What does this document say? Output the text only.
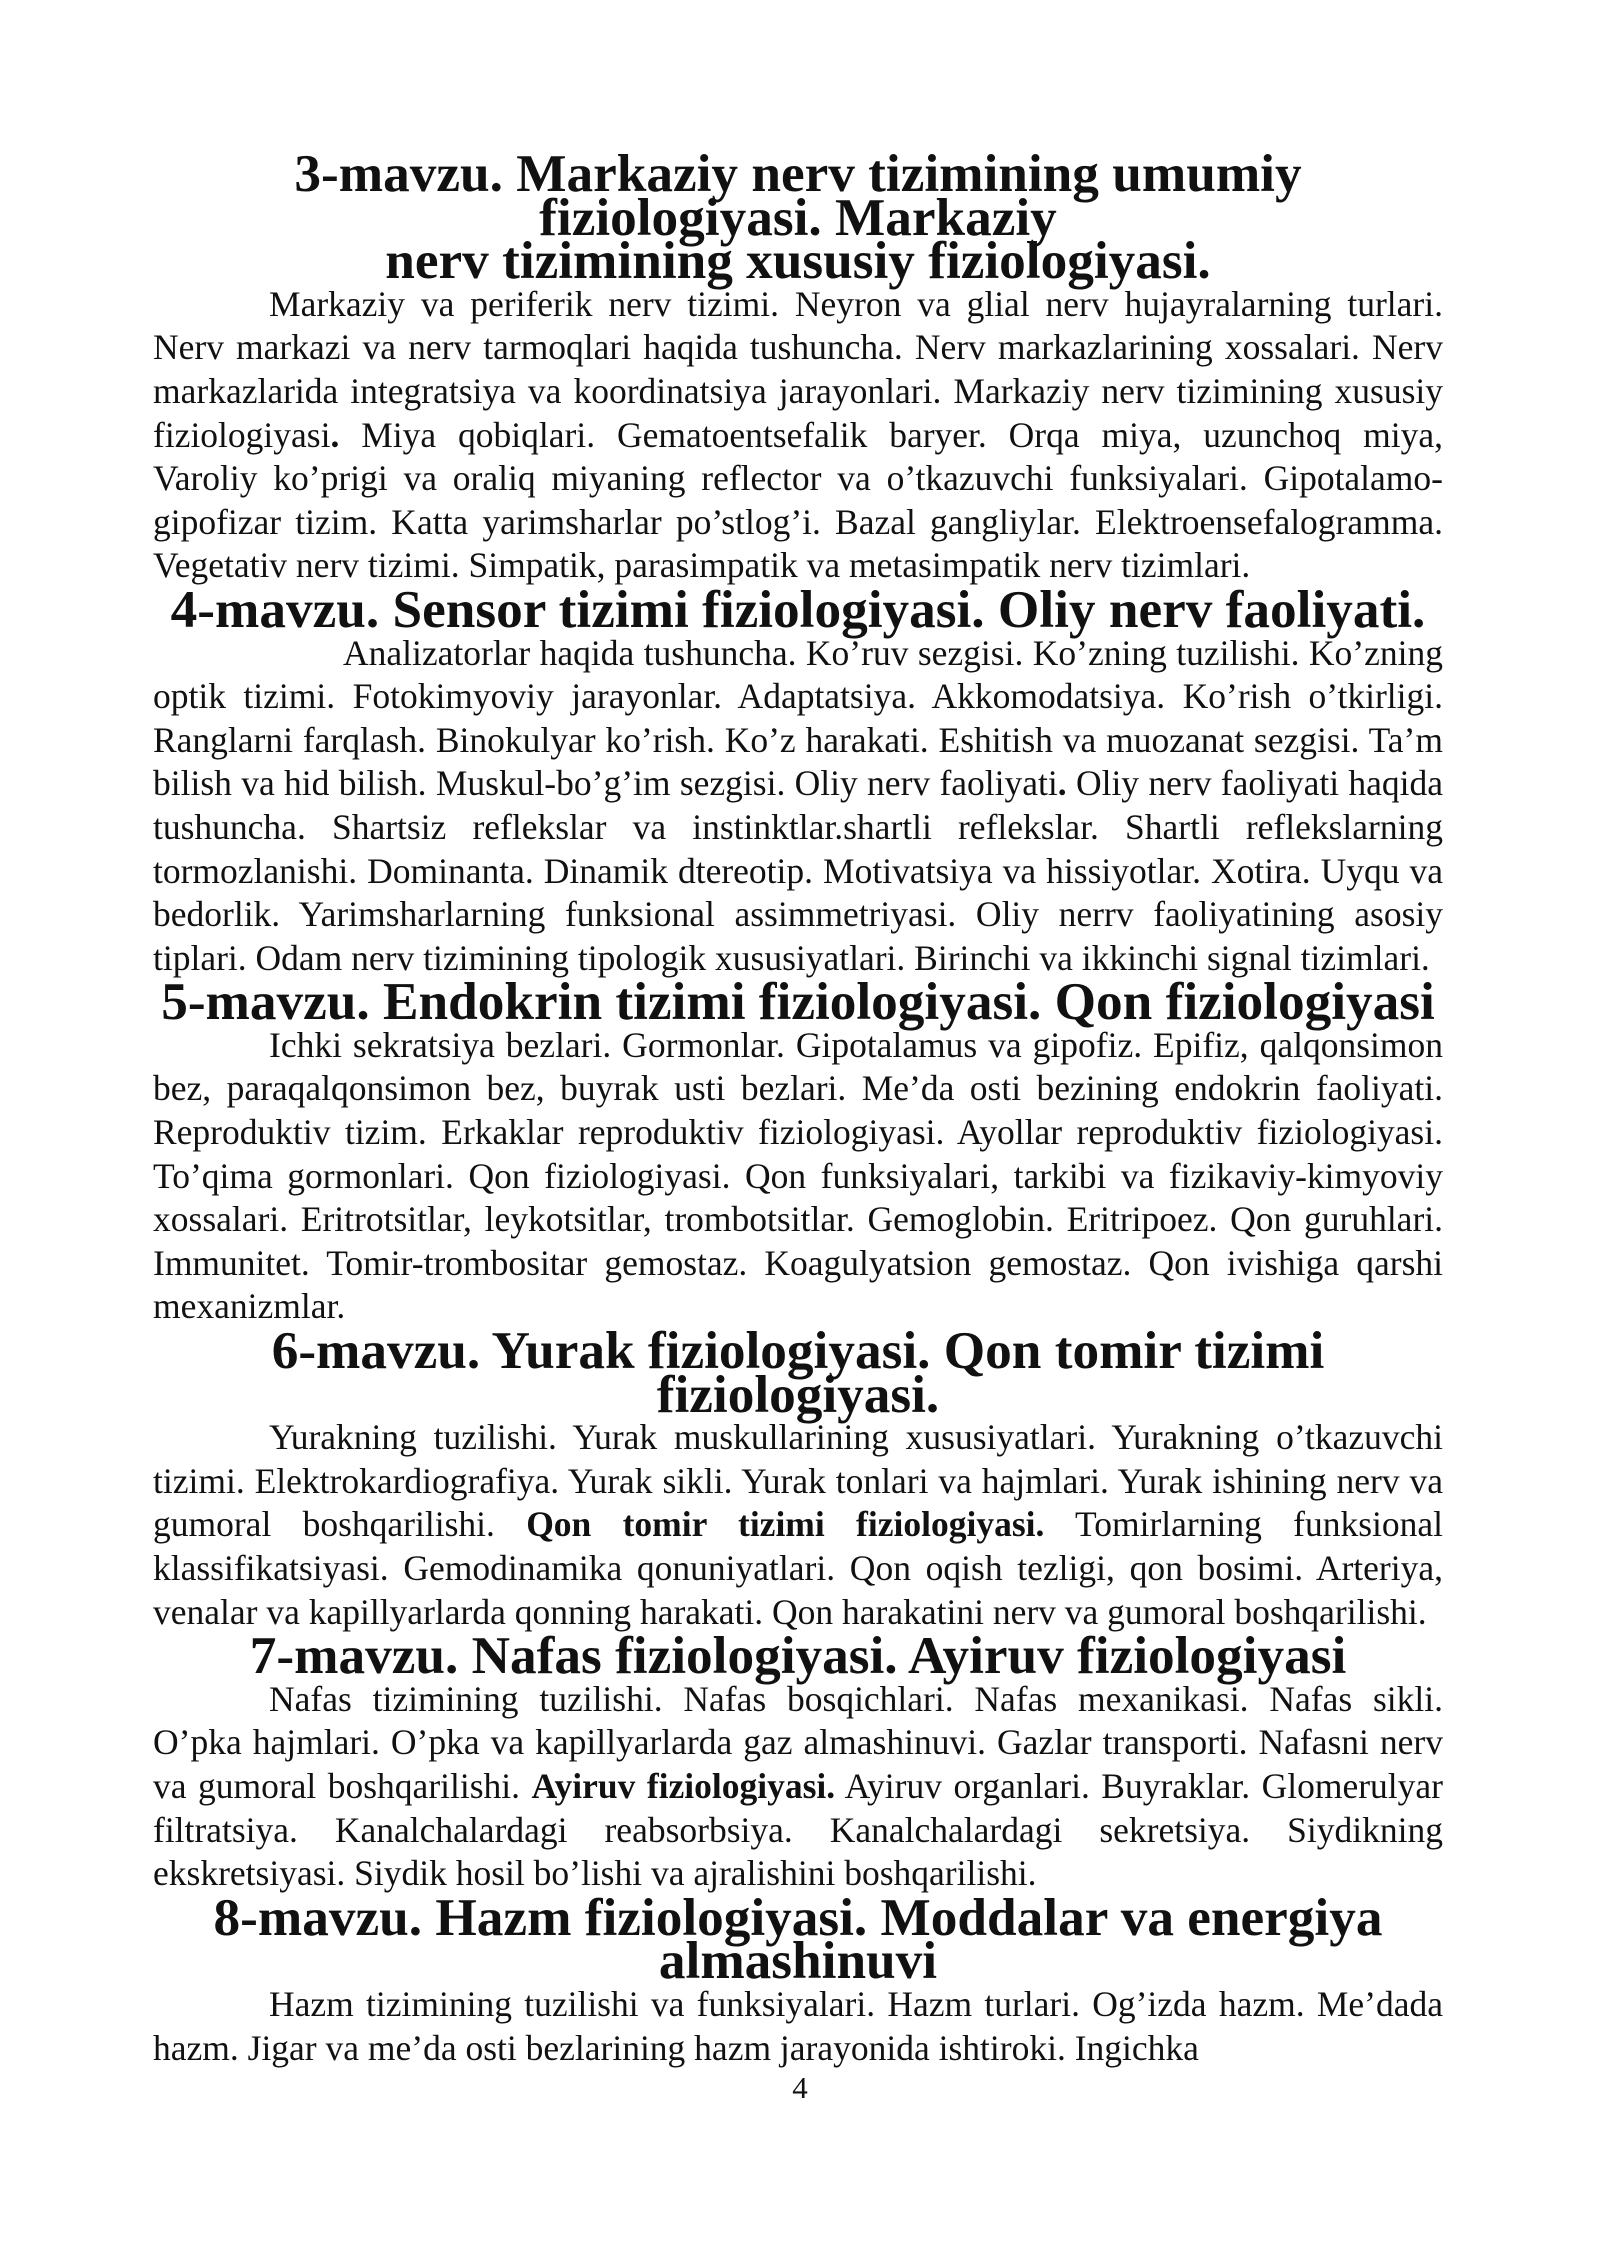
3-mavzu. Markaziy nerv tizimining umumiy fiziologiyasi. Markaziy
nerv tizimining xususiy fiziologiyasi.

Markaziy va periferik nerv tizimi. Neyron va glial nerv hujayralarning turlari. Nerv markazi va nerv tarmoqlari haqida tushuncha. Nerv markazlarining xossalari. Nerv markazlarida integratsiya va koordinatsiya jarayonlari. Markaziy nerv tizimining xususiy fiziologiyasi. Miya qobiqlari. Gematoentsefalik baryer. Orqa miya, uzunchoq miya, Varoliy ko’prigi va oraliq miyaning reflector va o’tkazuvchi funksiyalari. Gipotalamo-gipofizar tizim. Katta yarimsharlar po’stlog’i. Bazal gangliylar. Elektroensefalogramma. Vegetativ nerv tizimi. Simpatik, parasimpatik va metasimpatik nerv tizimlari.

4-mavzu. Sensor tizimi fiziologiyasi. Oliy nerv faoliyati.

Analizatorlar haqida tushuncha. Ko’ruv sezgisi. Ko’zning tuzilishi. Ko’zning optik tizimi. Fotokimyoviy jarayonlar. Adaptatsiya. Akkomodatsiya. Ko’rish o’tkirligi. Ranglarni farqlash. Binokulyar ko’rish. Ko’z harakati. Eshitish va muozanat sezgisi. Ta’m bilish va hid bilish. Muskul-bo’g’im sezgisi. Oliy nerv faoliyati. Oliy nerv faoliyati haqida tushuncha. Shartsiz reflekslar va instinktlar.shartli reflekslar. Shartli reflekslarning tormozlanishi. Dominanta. Dinamik dtereotip. Motivatsiya va hissiyotlar. Xotira. Uyqu va bedorlik. Yarimsharlarning funksional assimmetriyasi. Oliy nerrv faoliyatining asosiy tiplari. Odam nerv tizimining tipologik xususiyatlari. Birinchi va ikkinchi signal tizimlari.

5-mavzu. Endokrin tizimi fiziologiyasi. Qon fiziologiyasi

Ichki sekratsiya bezlari. Gormonlar. Gipotalamus va gipofiz. Epifiz, qalqonsimon bez, paraqalqonsimon bez, buyrak usti bezlari. Me’da osti bezining endokrin faoliyati. Reproduktiv tizim. Erkaklar reproduktiv fiziologiyasi. Ayollar reproduktiv fiziologiyasi. To’qima gormonlari. Qon fiziologiyasi. Qon funksiyalari, tarkibi va fizikaviy-kimyoviy xossalari. Eritrotsitlar, leykotsitlar, trombotsitlar. Gemoglobin. Eritripoez. Qon guruhlari. Immunitet. Tomir-trombositar gemostaz. Koagulyatsion gemostaz. Qon ivishiga qarshi mexanizmlar.

6-mavzu. Yurak fiziologiyasi. Qon tomir tizimi fiziologiyasi.

Yurakning tuzilishi. Yurak muskullarining xususiyatlari. Yurakning o’tkazuvchi tizimi. Elektrokardiografiya. Yurak sikli. Yurak tonlari va hajmlari. Yurak ishining nerv va gumoral boshqarilishi. Qon tomir tizimi fiziologiyasi. Tomirlarning funksional klassifikatsiyasi. Gemodinamika qonuniyatlari. Qon oqish tezligi, qon bosimi. Arteriya, venalar va kapillyarlarda qonning harakati. Qon harakatini nerv va gumoral boshqarilishi.

7-mavzu. Nafas fiziologiyasi. Ayiruv fiziologiyasi

Nafas tizimining tuzilishi. Nafas bosqichlari. Nafas mexanikasi. Nafas sikli. O’pka hajmlari. O’pka va kapillyarlarda gaz almashinuvi. Gazlar transporti. Nafasni nerv va gumoral boshqarilishi. Ayiruv fiziologiyasi. Ayiruv organlari. Buyraklar. Glomerulyar filtratsiya. Kanalchalardagi reabsorbsiya. Kanalchalardagi sekretsiya. Siydikning ekskretsiyasi. Siydik hosil bo’lishi va ajralishini boshqarilishi.

8-mavzu. Hazm fiziologiyasi. Moddalar va energiya almashinuvi

Hazm tizimining tuzilishi va funksiyalari. Hazm turlari. Og’izda hazm. Me’dada hazm. Jigar va me’da osti bezlarining hazm jarayonida ishtiroki. Ingichka

4
